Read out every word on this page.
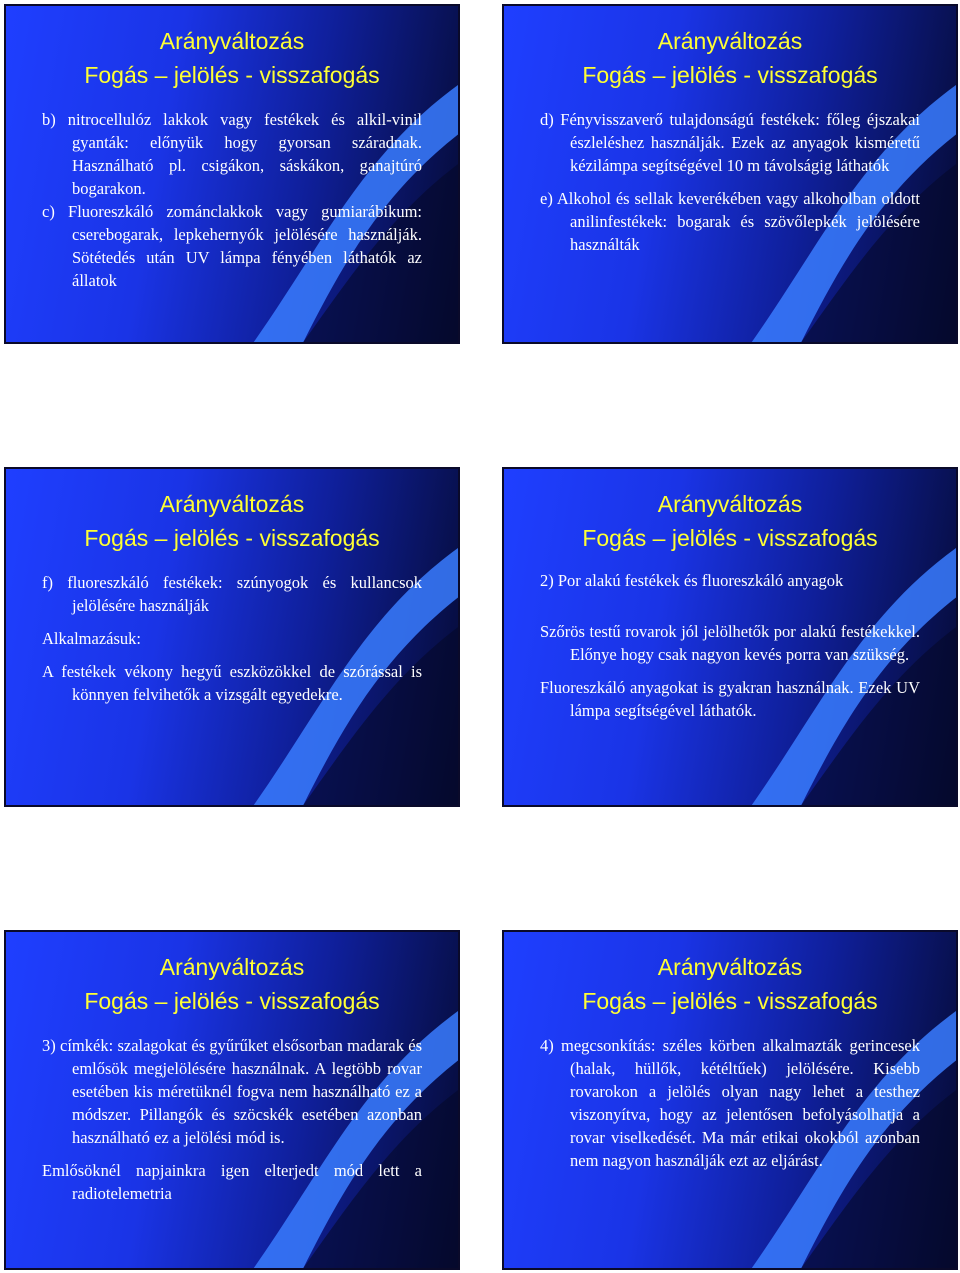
Arányváltozás
Fogás – jelölés - visszafogás

b) nitrocellulóz lakkok vagy festékek és alkil-vinil gyanták: előnyük hogy gyorsan száradnak. Használható pl. csigákon, sáskákon, ganajtúró bogarakon.

c) Fluoreszkáló zománclakkok vagy gumiarábikum: cserebogarak, lepkehernyók jelölésére használják. Sötétedés után UV lámpa fényében láthatók az állatok

Arányváltozás
Fogás – jelölés - visszafogás

d) Fényvisszaverő tulajdonságú festékek: főleg éjszakai észleléshez használják. Ezek az anyagok kisméretű kézilámpa segítségével 10 m távolságig láthatók

e) Alkohol és sellak keverékében vagy alkoholban oldott anilinfestékek: bogarak és szövőlepkék jelölésére használták

Arányváltozás
Fogás – jelölés - visszafogás

f) fluoreszkáló festékek: szúnyogok és kullancsok jelölésére használják

Alkalmazásuk:

A festékek vékony hegyű eszközökkel de szórással is könnyen felvihetők a vizsgált egyedekre.

Arányváltozás
Fogás – jelölés - visszafogás

2) Por alakú festékek és fluoreszkáló anyagok

Szőrös testű rovarok jól jelölhetők por alakú festékekkel. Előnye hogy csak nagyon kevés porra van szükség.

Fluoreszkáló anyagokat is gyakran használnak. Ezek UV lámpa segítségével láthatók.

Arányváltozás
Fogás – jelölés - visszafogás

3) címkék: szalagokat és gyűrűket elsősorban madarak és emlősök megjelölésére használnak. A legtöbb rovar esetében kis méretüknél fogva nem használható ez a módszer. Pillangók és szöcskék esetében azonban használható ez a jelölési mód is.

Emlősöknél napjainkra igen elterjedt mód lett a radiotelemetria

Arányváltozás
Fogás – jelölés - visszafogás

4) megcsonkítás: széles körben alkalmazták gerincesek (halak, hüllők, kétéltűek) jelölésére. Kisebb rovarokon a jelölés olyan nagy lehet a testhez viszonyítva, hogy az jelentősen befolyásolhatja a rovar viselkedését. Ma már etikai okokból azonban nem nagyon használják ezt az eljárást.
